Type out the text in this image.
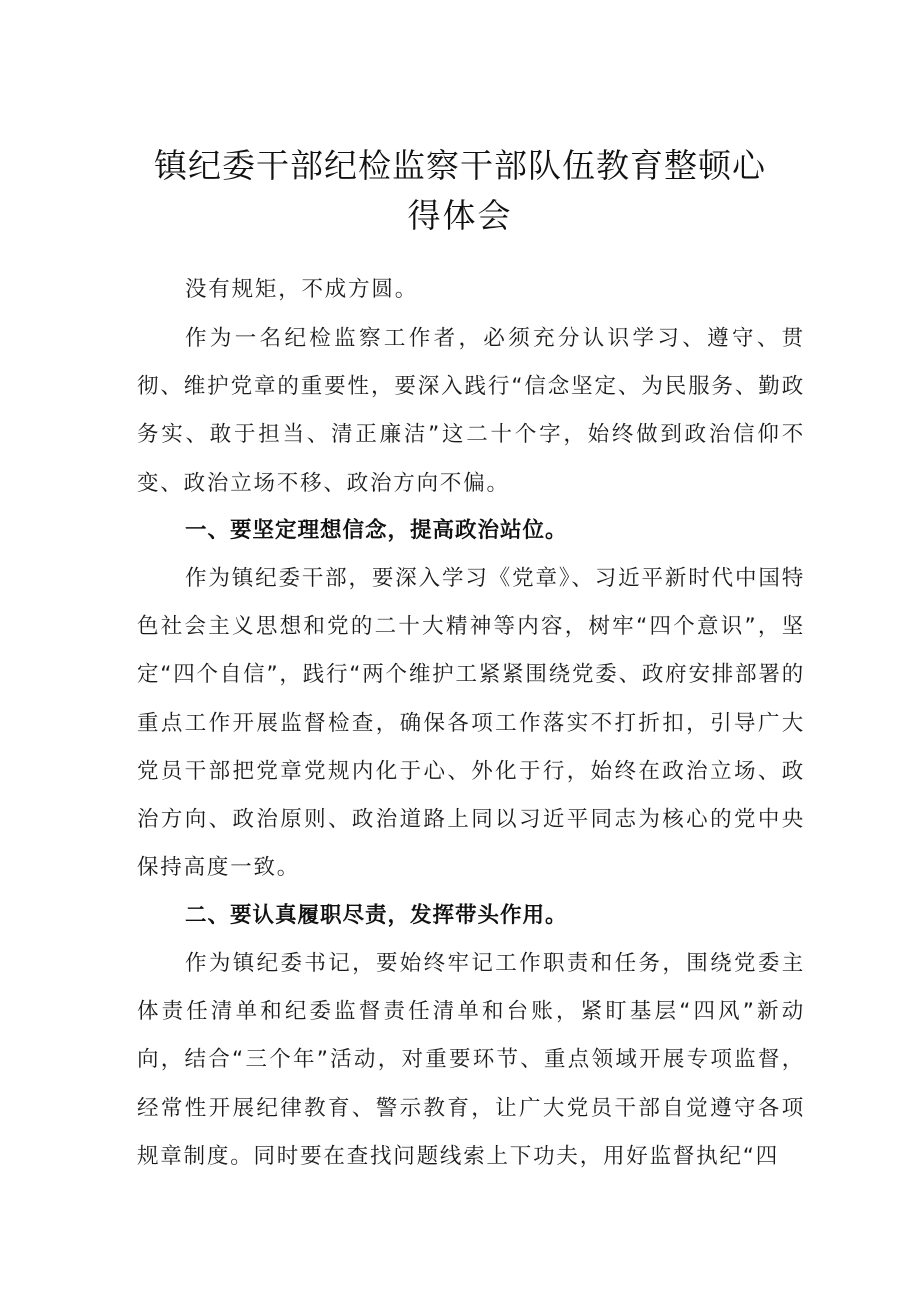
镇纪委干部纪检监察干部队伍教育整顿心
得体会

没有规矩，不成方圆。

作为一名纪检监察工作者，必须充分认识学习、遵守、贯彻、维护党章的重要性，要深入践行“信念坚定、为民服务、勤政务实、敢于担当、清正廉洁”这二十个字，始终做到政治信仰不变、政治立场不移、政治方向不偏。

一、要坚定理想信念，提高政治站位。

作为镇纪委干部，要深入学习《党章》、习近平新时代中国特色社会主义思想和党的二十大精神等内容，树牢“四个意识”，坚定“四个自信”，践行“两个维护工紧紧围绕党委、政府安排部署的重点工作开展监督检查，确保各项工作落实不打折扣，引导广大党员干部把党章党规内化于心、外化于行，始终在政治立场、政治方向、政治原则、政治道路上同以习近平同志为核心的党中央保持高度一致。

二、要认真履职尽责，发挥带头作用。

作为镇纪委书记，要始终牢记工作职责和任务，围绕党委主体责任清单和纪委监督责任清单和台账，紧盯基层“四风”新动向，结合“三个年”活动，对重要环节、重点领域开展专项监督，经常性开展纪律教育、警示教育，让广大党员干部自觉遵守各项规章制度。同时要在查找问题线索上下功夫，用好监督执纪“四
